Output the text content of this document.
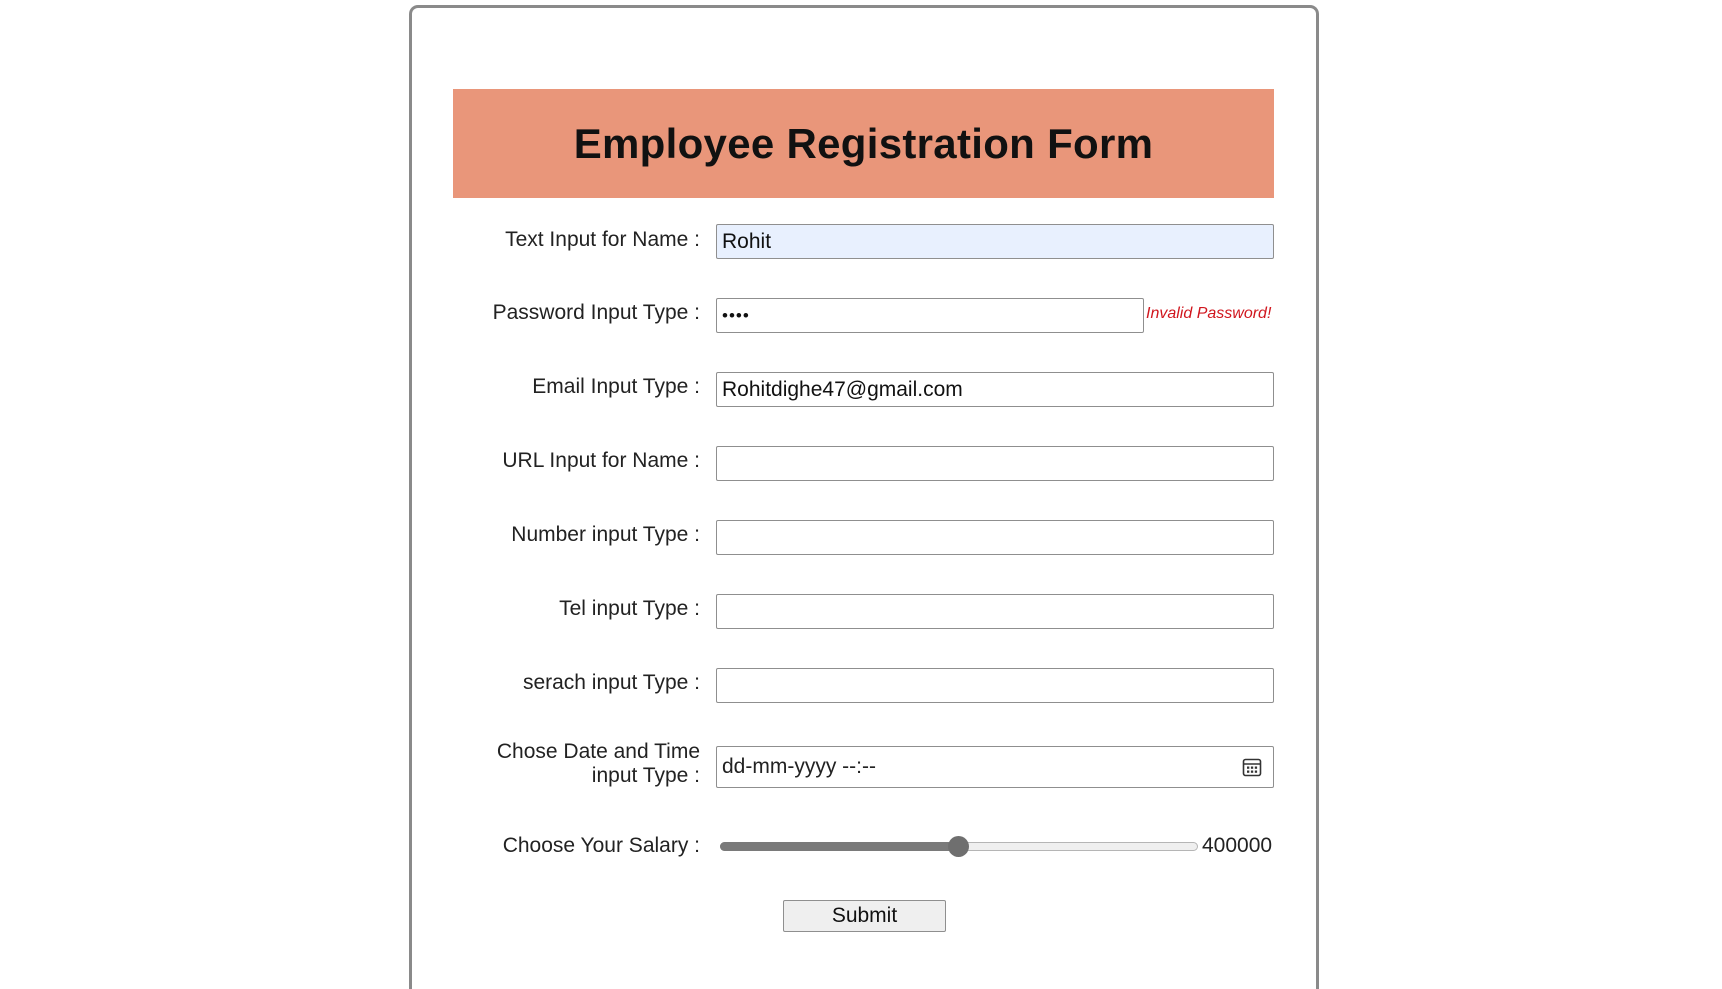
Employee Registration Form
Text Input for Name :
Rohit
Password Input Type :	Invalid Password!
Email Input Type :
Rohitdighe47@gmail.com
URL Input for Name :
Number input Type :
Tel input Type :
serach input Type :
Chose Date and Time input Type : dd-mm-yyyy --:--
Choose Your Salary :	400000
Submit
